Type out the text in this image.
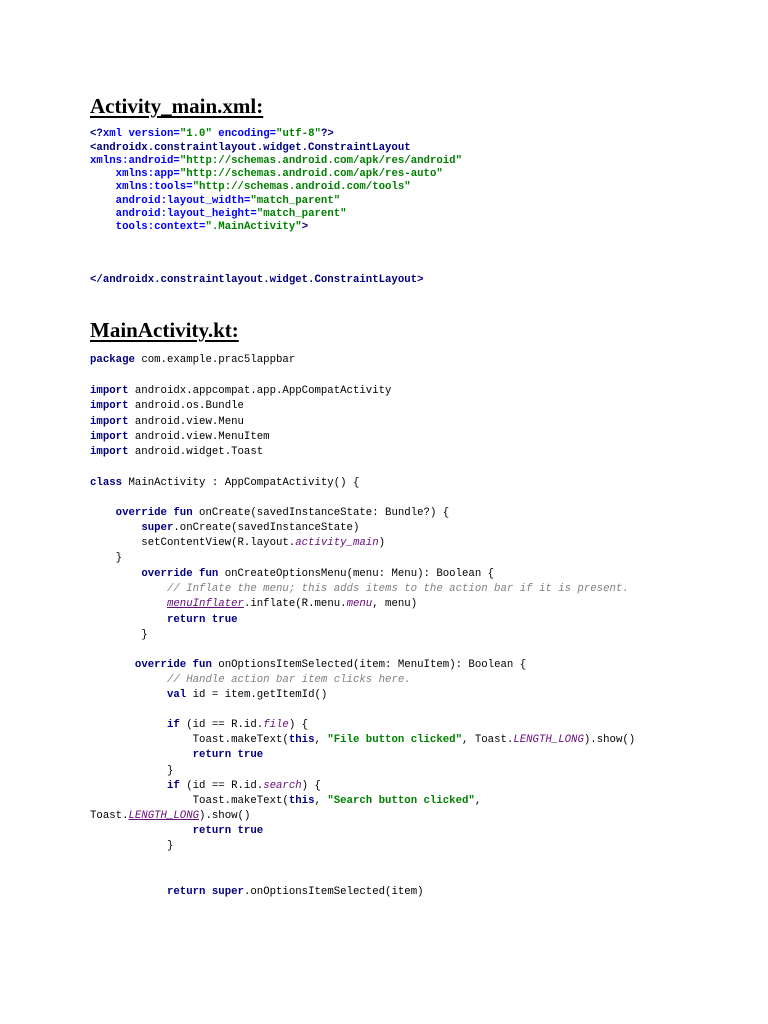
Activity_main.xml:
<?xml version="1.0" encoding="utf-8"?>
<androidx.constraintlayout.widget.ConstraintLayout
xmlns:android="http://schemas.android.com/apk/res/android"
xmlns:app="http://schemas.android.com/apk/res-auto"
xmlns:tools="http://schemas.android.com/tools"
android:layout_width="match_parent"
android:layout_height="match_parent"
tools:context=".MainActivity">
</androidx.constraintlayout.widget.ConstraintLayout>
MainActivity.kt:
package com.example.prac5lappbar
import androidx.appcompat.app.AppCompatActivity
import android.os.Bundle
import android.view.Menu
import android.view.MenuItem
import android.widget.Toast
class MainActivity : AppCompatActivity() {
override fun onCreate(savedInstanceState: Bundle?) {
super.onCreate(savedInstanceState)
setContentView(R.layout.activity_main)
}
override fun onCreateOptionsMenu(menu: Menu): Boolean {
// Inflate the menu; this adds items to the action bar if it is present.
menuInflater.inflate(R.menu.menu, menu)
return true
}
override fun onOptionsItemSelected(item: MenuItem): Boolean {
// Handle action bar item clicks here.
val id = item.getItemId()
if (id == R.id.file) {
Toast.makeText(this, "File button clicked", Toast.LENGTH_LONG).show()
return true
}
if (id == R.id.search) {
Toast.makeText(this, "Search button clicked",
Toast.LENGTH_LONG).show()
return true
}
return super.onOptionsItemSelected(item)
